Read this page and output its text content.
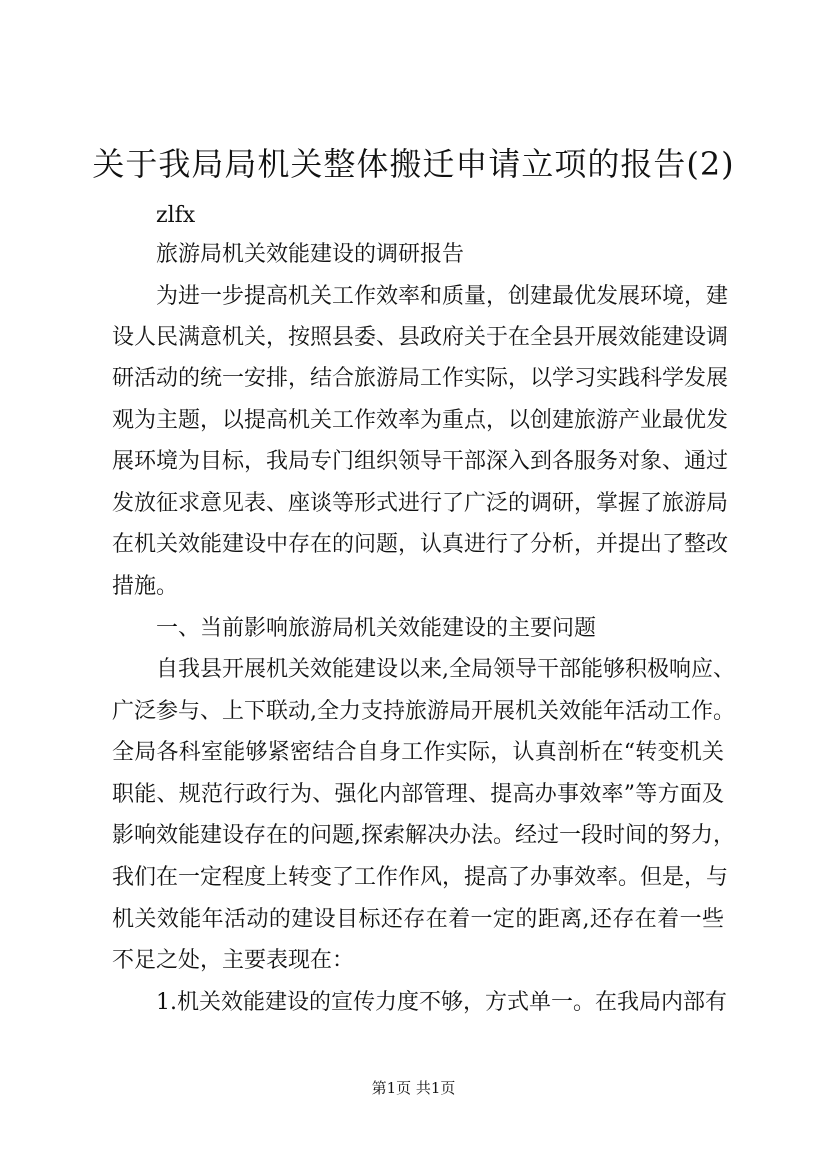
关于我局局机关整体搬迁申请立项的报告(2)
zlfx
旅游局机关效能建设的调研报告
为进一步提高机关工作效率和质量，创建最优发展环境，建
设人民满意机关，按照县委、县政府关于在全县开展效能建设调
研活动的统一安排，结合旅游局工作实际，以学习实践科学发展
观为主题，以提高机关工作效率为重点，以创建旅游产业最优发
展环境为目标，我局专门组织领导干部深入到各服务对象、通过
发放征求意见表、座谈等形式进行了广泛的调研，掌握了旅游局
在机关效能建设中存在的问题，认真进行了分析，并提出了整改
措施。
一、当前影响旅游局机关效能建设的主要问题
自我县开展机关效能建设以来,全局领导干部能够积极响应、
广泛参与、上下联动,全力支持旅游局开展机关效能年活动工作。
全局各科室能够紧密结合自身工作实际，认真剖析在“转变机关
职能、规范行政行为、强化内部管理、提高办事效率”等方面及
影响效能建设存在的问题,探索解决办法。经过一段时间的努力，
我们在一定程度上转变了工作作风，提高了办事效率。但是，与
机关效能年活动的建设目标还存在着一定的距离,还存在着一些
不足之处，主要表现在：
1.机关效能建设的宣传力度不够，方式单一。在我局内部有
第1页 共1页
